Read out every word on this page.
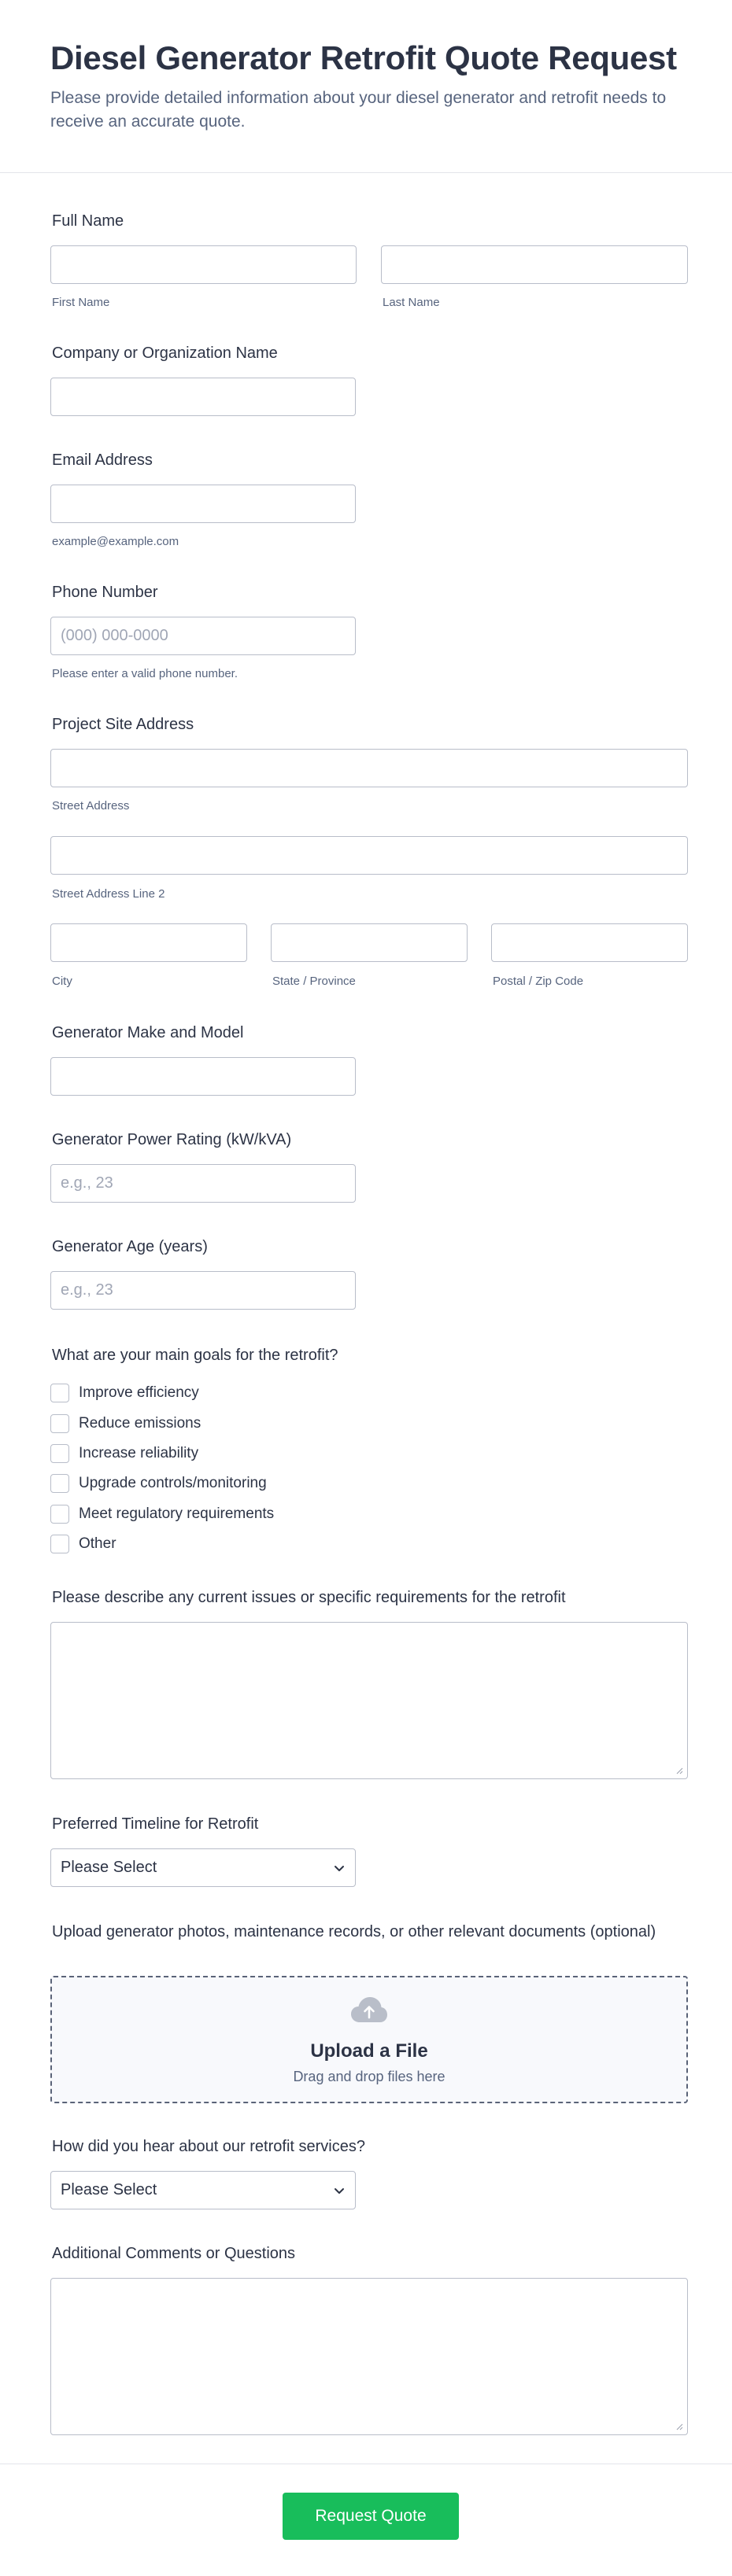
Diesel Generator Retrofit Quote Request

Please provide detailed information about your diesel generator and retrofit needs to receive an accurate quote.

Full Name
First Name	Last Name
Company or Organization Name
Email Address
example@example.com
Phone Number
(000) 000-0000
Please enter a valid phone number.
Project Site Address
Street Address
Street Address Line 2
City	State / Province	Postal / Zip Code
Generator Make and Model
Generator Power Rating (kW/kVA)
e.g., 23
Generator Age (years)
e.g., 23
What are your main goals for the retrofit?
Improve efficiency
Reduce emissions
Increase reliability
Upgrade controls/monitoring
Meet regulatory requirements
Other
Please describe any current issues or specific requirements for the retrofit
Preferred Timeline for Retrofit
Please Select
Upload generator photos, maintenance records, or other relevant documents (optional)
Upload a File
Drag and drop files here
How did you hear about our retrofit services?
Please Select
Additional Comments or Questions
Request Quote
